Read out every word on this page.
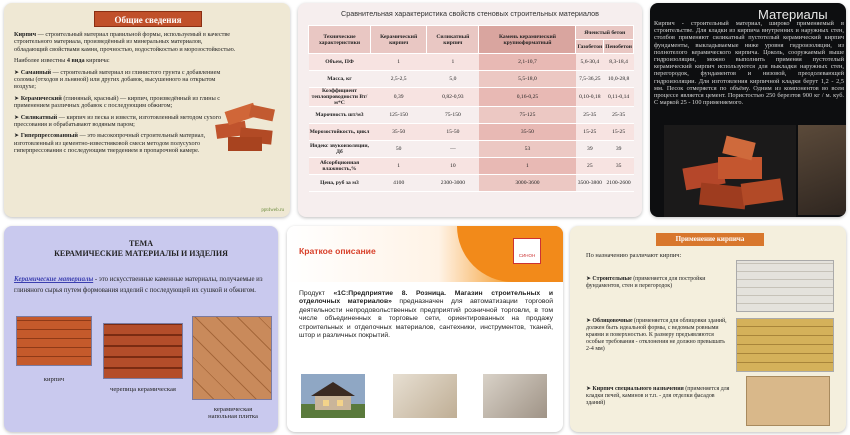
Общие сведения

Кирпич — строительный материал правильной формы, используемый в качестве строительного материала, произведённый из минеральных материалов, обладающий свойствами камня, прочностью, водостойкостью и морозостойкостью.

Наиболее известны 4 вида кирпича:

➤ Саманный — строительный материал из глинистого грунта с добавлением соломы (отходов и льняной) или других добавок, высушенного на открытом воздухе;

➤ Керамический (глиняный, красный) — кирпич, произведённый из глины с применением различных добавок с последующим обжигом;

➤ Силикатный — кирпич из песка и извести, изготовленный методом сухого прессования и обрабатывают водяным паром;

➤ Гиперпрессованный — это высокопрочный строительный материал, изготовленный из цементно-известняковой смеси методом полусухого гиперпрессования с последующим твердением в пропарочной камере.

ppt4web.ru
Сравнительная характеристика свойств стеновых строительных материалов
Технические характеристики	Керамический кирпич	Силикатный кирпич	Камень керамический крупноформатный	Ячеистый бетон	
				Газобетон	Пенобетон
Объем, ПФ	1	1	2,1-10,7	5,6-30,4	8,3-18,4
Масса, кг	2,5-2,5	5,0	5,5-18,0	7,5-36,25	10,0-28,8
Коэффициент теплопроводности Вт/м*С	0,39	0,82-0,93	0,16-0,25	0,10-0,18	0,11-0,14
Марочность шт/м3	125-150	75-150	75-125	25-35	25-35
Морозостойкость, цикл	35-50	15-50	35-50	15-25	15-25
Индекс звукоизоляции, Дб	50	—	53	39	39
Абсорбционная влажность,%	1	10	1	25	35
Цена, руб за м3	4100	2300-3000	3000-3600	3500-3800	2100-2600
Материалы
Кирпич - строительный материал, широко применяемый в строительстве. Для кладки из кирпича внутренних и наружных стен, столбов применяют силикатный пустотелый керамический кирпич фундаменты, выкладываемые ниже уровня гидроизоляции, из полнотелого керамического кирпича. Цоколь, сооружаемый выше гидроизоляции, можно выполнить применяя пустотелый керамический кирпич используются для выкладки наружных стен, перегородок, фундаментов и низовой, преодолевающей гидроизоляции. Для изготовления кирпичной кладки берут 1,2 - 2,5 мм. Песок отмеряется по объёму. Одним из компонентов во всем процессе является цемент. Пористостью 250 березтов 900 кг / м. куб. С маркой 25 - 100 применяемого.
ТЕМА
КЕРАМИЧЕСКИЕ МАТЕРИАЛЫ И ИЗДЕЛИЯ
Керамические материалы - это искусственные каменные материалы, получаемые из глиняного сырья путем формования изделий с последующей их сушкой и обжигом.
кирпич
черепица керамическая
керамическая напольная плитка
Краткое описание	СИНОН
Продукт «1С:Предприятие 8. Розница. Магазин строительных и отделочных материалов» предназначен для автоматизации торговой деятельности непродовольственных предприятий розничной торговли, в том числе объединенных в торговые сети, ориентированных на продажу строительных и отделочных материалов, сантехники, инструментов, тканей, штор и различных покрытий.
Применение кирпича
По назначению различают кирпич:
➤ Строительные (применяется для постройки фундаментов, стен и перегородок)
➤ Облицовочные (применяется для облицовки зданий, должен быть идеальной формы, с ведомым ровными краями и поверхностью. К размеру предъявляются особые требования - отклонения не должно превышать 2-4 мм)
➤ Кирпич специального назначения (применяется для кладки печей, каминов и т.п. - для отделки фасадов зданий)
